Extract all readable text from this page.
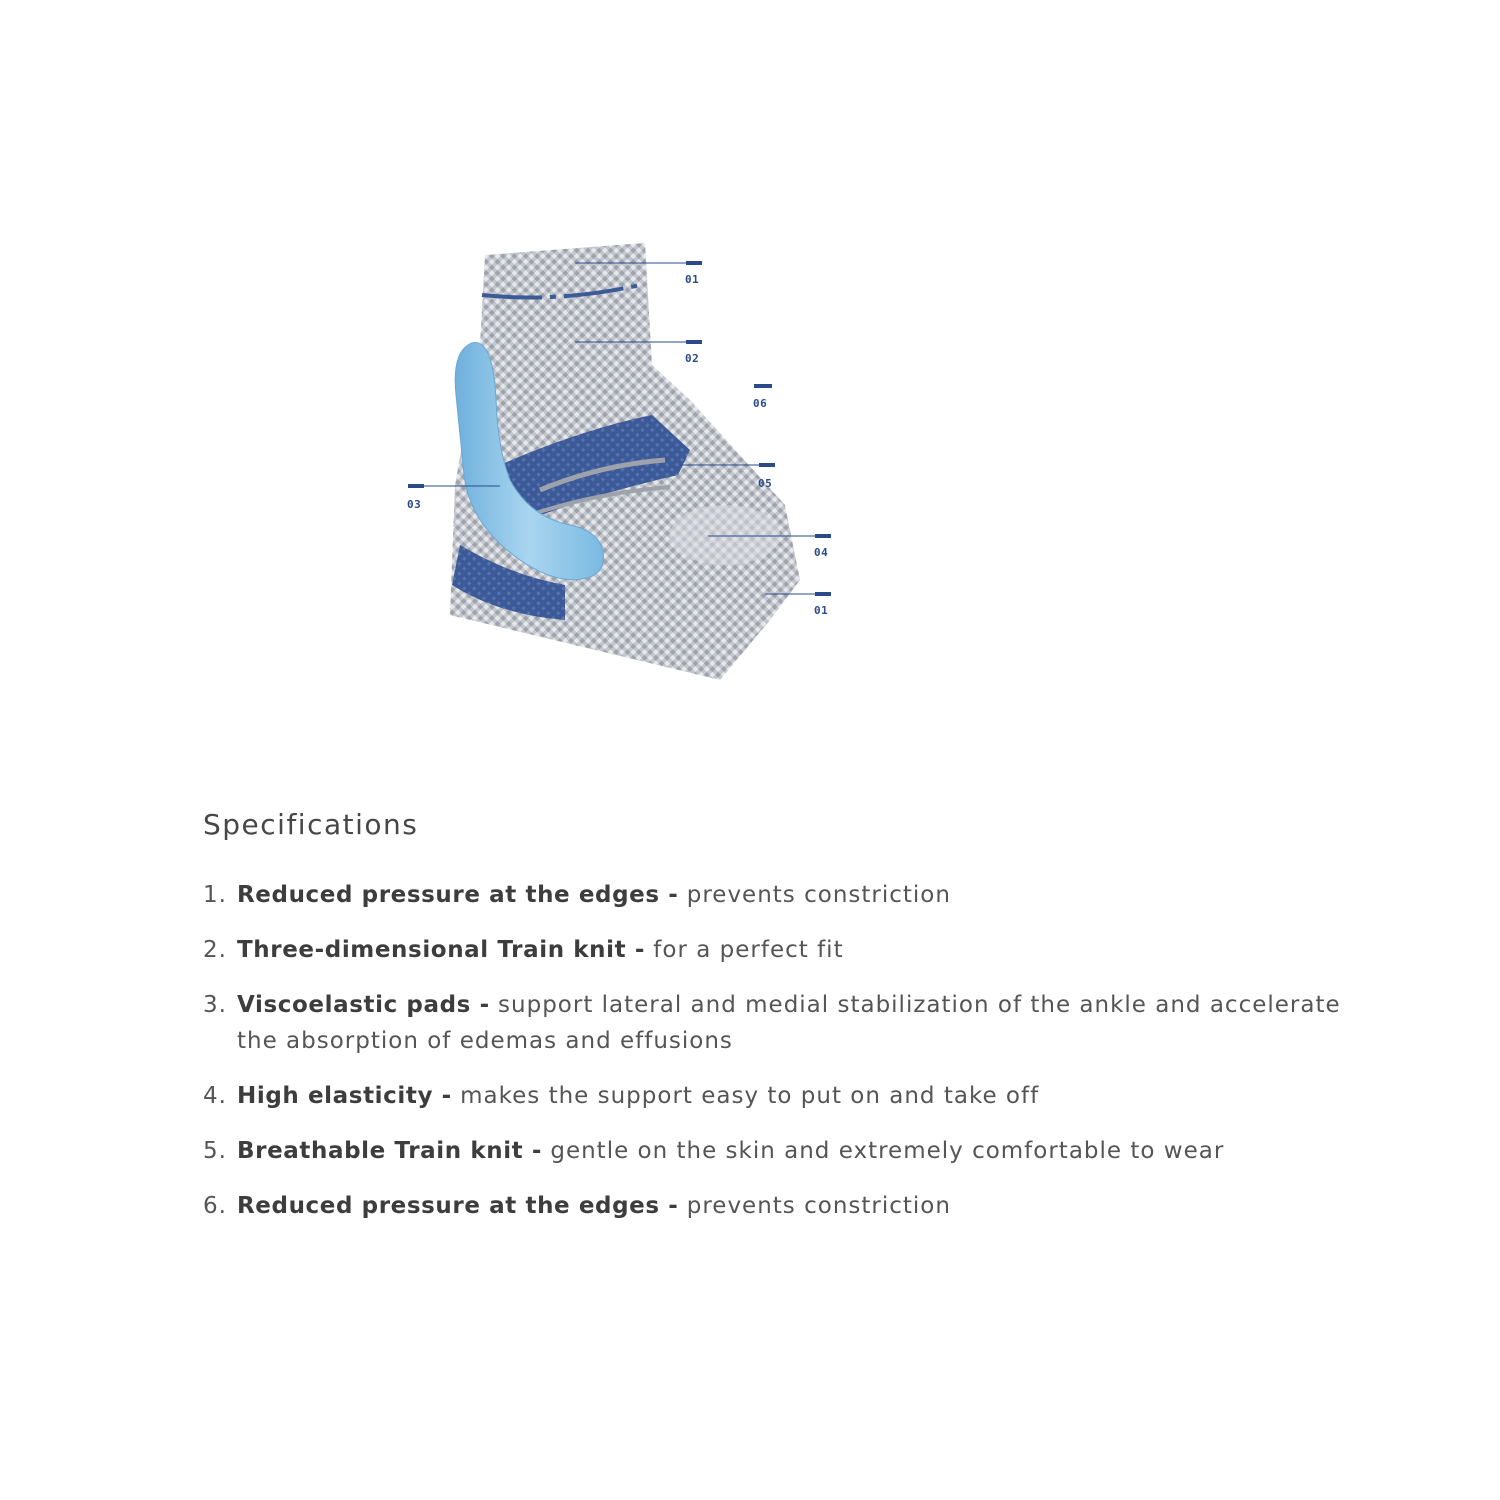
01
02
06
05
03
04
01
Specifications
1. Reduced pressure at the edges - prevents constriction
2. Three-dimensional Train knit - for a perfect fit
3. Viscoelastic pads - support lateral and medial stabilization of the ankle and accelerate the absorption of edemas and effusions
4. High elasticity - makes the support easy to put on and take off
5. Breathable Train knit - gentle on the skin and extremely comfortable to wear
6. Reduced pressure at the edges - prevents constriction
